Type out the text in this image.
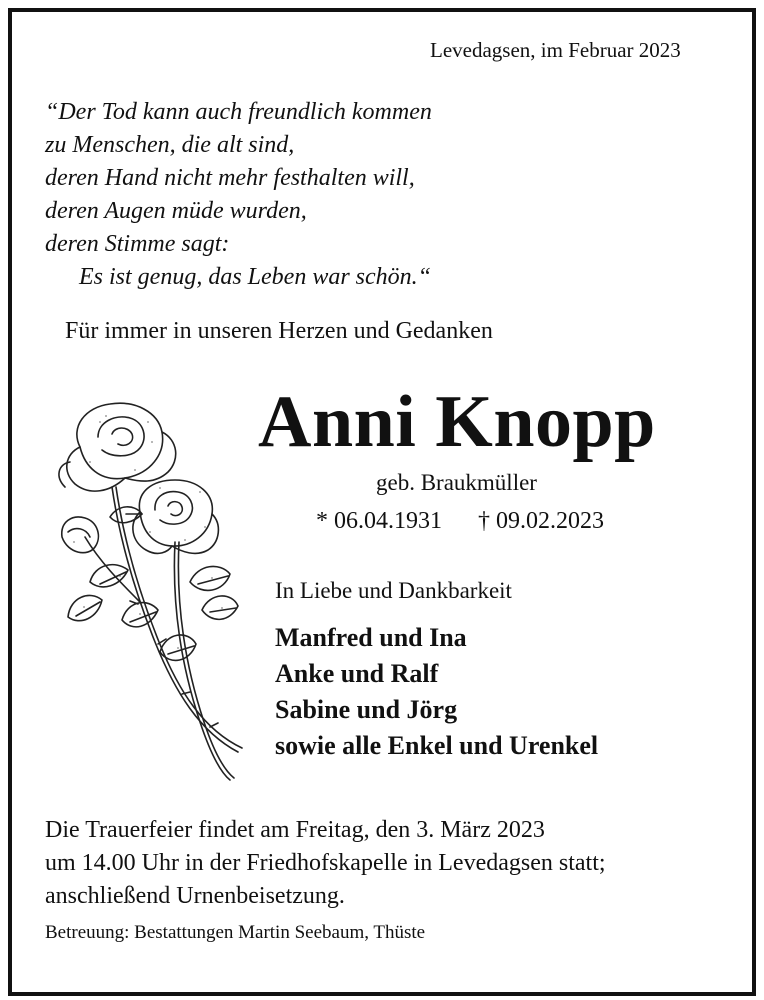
Levedagsen, im Februar 2023
“Der Tod kann auch freundlich kommen
zu Menschen, die alt sind,
deren Hand nicht mehr festhalten will,
deren Augen müde wurden,
deren Stimme sagt:
Es ist genug, das Leben war schön.“
Für immer in unseren Herzen und Gedanken
Anni Knopp
geb. Braukmüller
* 06.04.1931 † 09.02.2023
In Liebe und Dankbarkeit
Manfred und Ina
Anke und Ralf
Sabine und Jörg
sowie alle Enkel und Urenkel
Die Trauerfeier findet am Freitag, den 3. März 2023
um 14.00 Uhr in der Friedhofskapelle in Levedagsen statt;
anschließend Urnenbeisetzung.
Betreuung: Bestattungen Martin Seebaum, Thüste
